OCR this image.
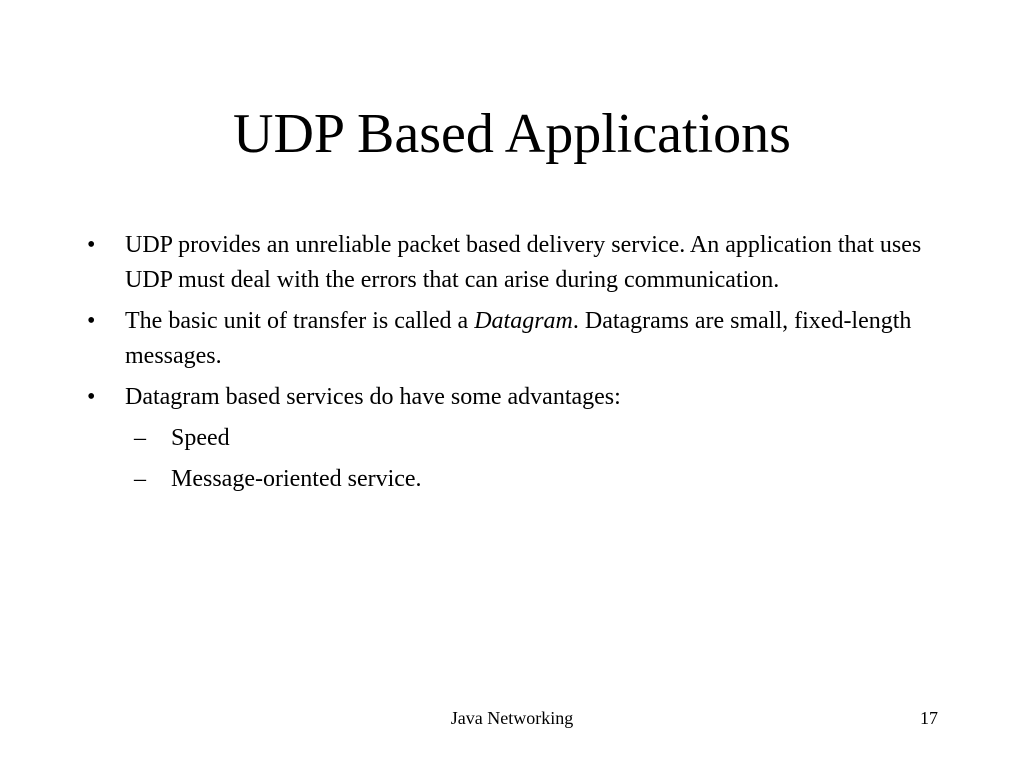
UDP Based Applications
• UDP provides an unreliable packet based delivery service. An application that uses UDP must deal with the errors that can arise during communication.
• The basic unit of transfer is called a Datagram. Datagrams are small, fixed-length messages.
• Datagram based services do have some advantages:
– Speed
– Message-oriented service.
Java Networking	17
